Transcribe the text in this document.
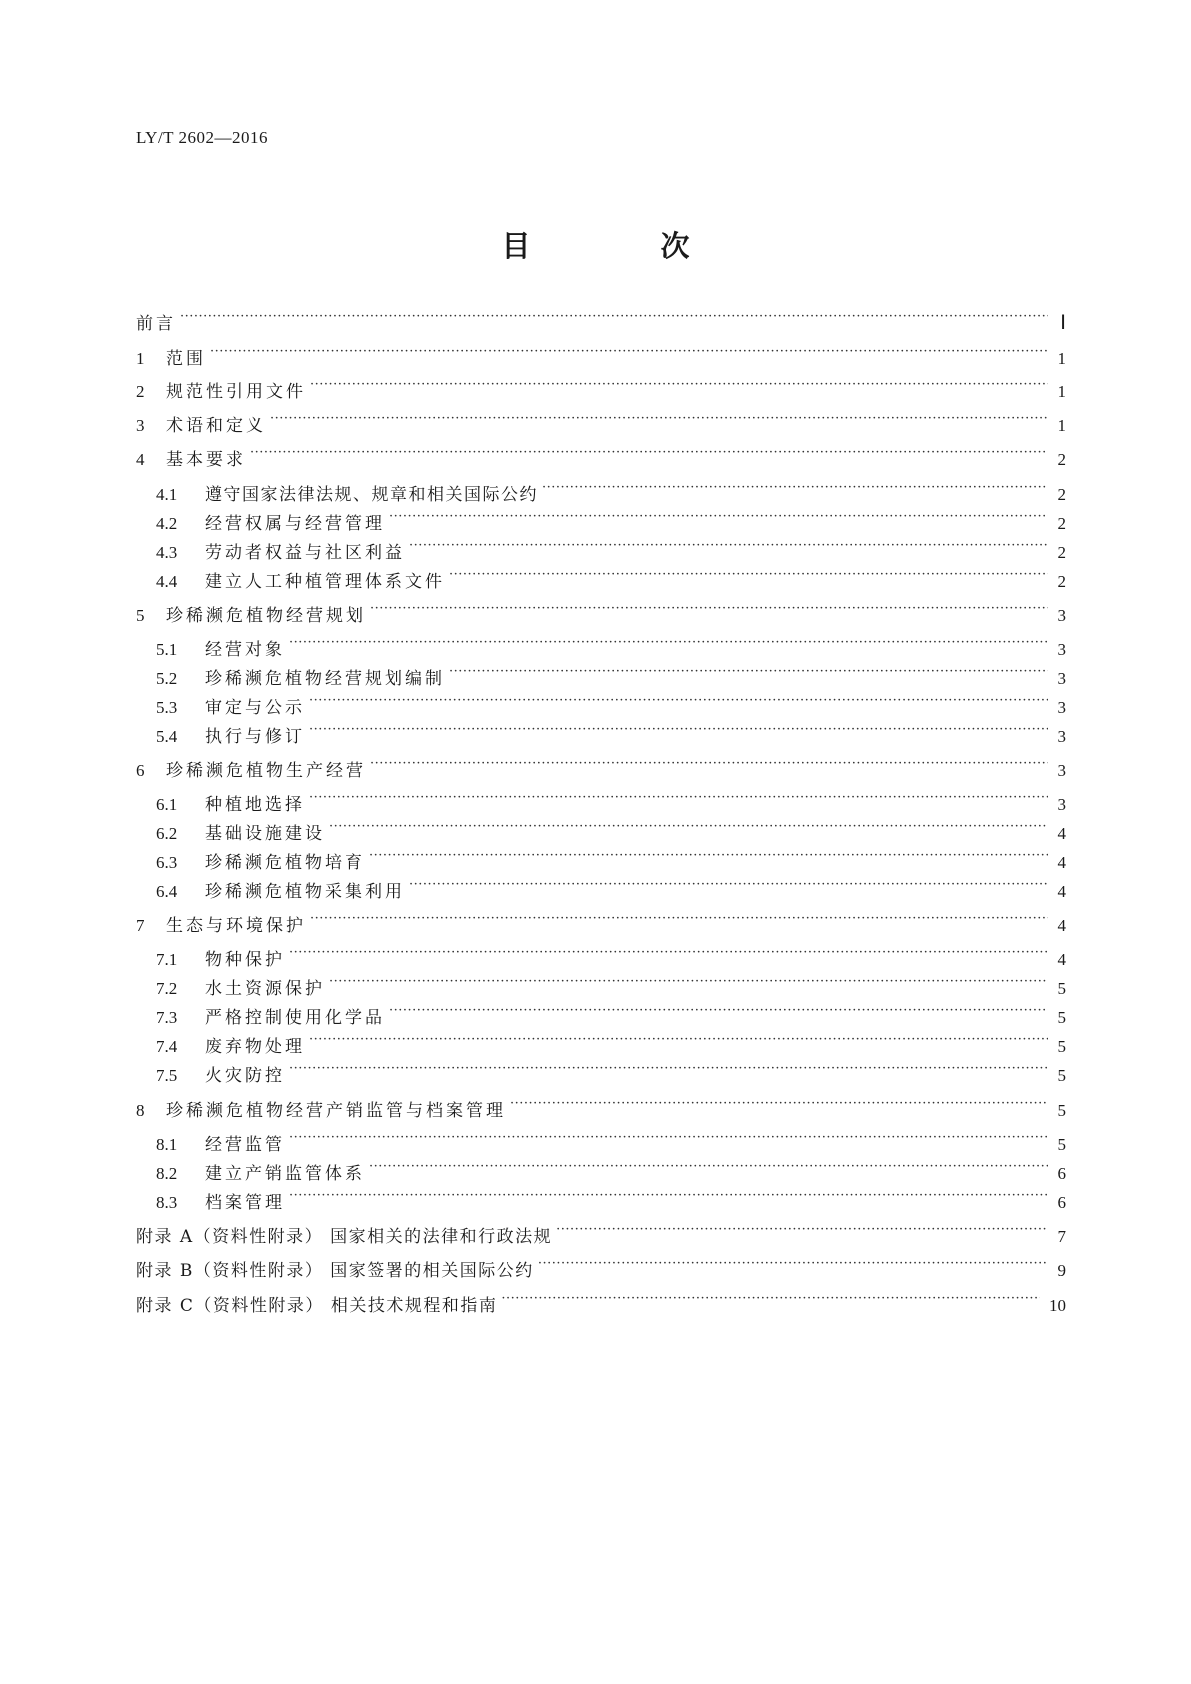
LY/T 2602—2016
目 次
前言 ·····	Ⅰ
1	范围 ·····	1
2	规范性引用文件 ·····	1
3	术语和定义 ·····	1
4	基本要求 ·····	2
4.1	遵守国家法律法规、规章和相关国际公约 ·····	2
4.2	经营权属与经营管理 ·····	2
4.3	劳动者权益与社区利益 ·····	2
4.4	建立人工种植管理体系文件 ·····	2
5	珍稀濒危植物经营规划 ·····	3
5.1	经营对象 ·····	3
5.2	珍稀濒危植物经营规划编制 ·····	3
5.3	审定与公示 ·····	3
5.4	执行与修订 ·····	3
6	珍稀濒危植物生产经营 ·····	3
6.1	种植地选择 ·····	3
6.2	基础设施建设 ·····	4
6.3	珍稀濒危植物培育 ·····	4
6.4	珍稀濒危植物采集利用 ·····	4
7	生态与环境保护 ·····	4
7.1	物种保护 ·····	4
7.2	水土资源保护 ·····	5
7.3	严格控制使用化学品 ·····	5
7.4	废弃物处理 ·····	5
7.5	火灾防控 ·····	5
8	珍稀濒危植物经营产销监管与档案管理 ·····	5
8.1	经营监管 ·····	5
8.2	建立产销监管体系 ·····	6
8.3	档案管理 ·····	6
附录 A（资料性附录） 国家相关的法律和行政法规 ·····	7
附录 B（资料性附录） 国家签署的相关国际公约 ·····	9
附录 C（资料性附录） 相关技术规程和指南 ·····	10
